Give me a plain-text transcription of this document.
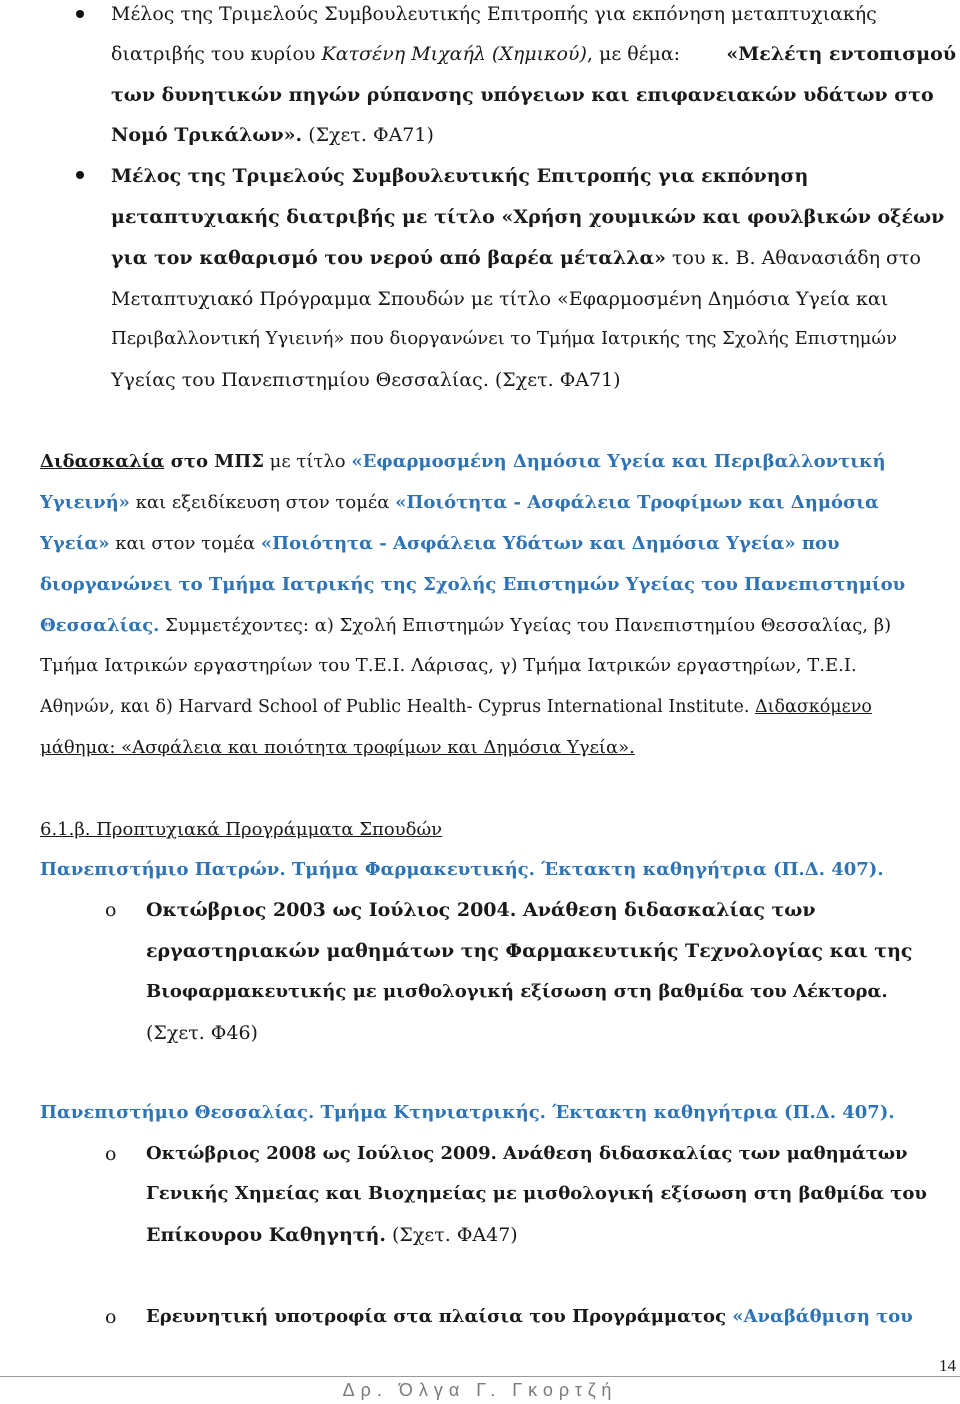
Μέλος της Τριμελούς Συμβουλευτικής Επιτροπής για εκπόνηση μεταπτυχιακής
διατριβής του κυρίου Κατσένη Μιχαήλ (Χημικού), με θέμα: «Μελέτη εντοπισμού
των δυνητικών πηγών ρύπανσης υπόγειων και επιφανειακών υδάτων στο
Νομό Τρικάλων». (Σχετ. ΦΑ71)
Μέλος της Τριμελούς Συμβουλευτικής Επιτροπής για εκπόνηση
μεταπτυχιακής διατριβής με τίτλο «Χρήση χουμικών και φουλβικών οξέων
για τον καθαρισμό του νερού από βαρέα μέταλλα» του κ. Β. Αθανασιάδη στο
Μεταπτυχιακό Πρόγραμμα Σπουδών με τίτλο «Εφαρμοσμένη Δημόσια Υγεία και
Περιβαλλοντική Υγιεινή» που διοργανώνει το Τμήμα Ιατρικής της Σχολής Επιστημών
Υγείας του Πανεπιστημίου Θεσσαλίας. (Σχετ. ΦΑ71)
Διδασκαλία στο ΜΠΣ με τίτλο «Εφαρμοσμένη Δημόσια Υγεία και Περιβαλλοντική
Υγιεινή» και εξειδίκευση στον τομέα «Ποιότητα - Ασφάλεια Τροφίμων και Δημόσια
Υγεία» και στον τομέα «Ποιότητα - Ασφάλεια Υδάτων και Δημόσια Υγεία» που
διοργανώνει το Τμήμα Ιατρικής της Σχολής Επιστημών Υγείας του Πανεπιστημίου
Θεσσαλίας. Συμμετέχοντες: α) Σχολή Επιστημών Υγείας του Πανεπιστημίου Θεσσαλίας, β)
Τμήμα Ιατρικών εργαστηρίων του Τ.Ε.Ι. Λάρισας, γ) Τμήμα Ιατρικών εργαστηρίων, Τ.Ε.Ι.
Αθηνών, και δ) Harvard School of Public Health- Cyprus International Institute. Διδασκόμενο
μάθημα: «Ασφάλεια και ποιότητα τροφίμων και Δημόσια Υγεία».
6.1.β. Προπτυχιακά Προγράμματα Σπουδών
Πανεπιστήμιο Πατρών. Τμήμα Φαρμακευτικής. Έκτακτη καθηγήτρια (Π.Δ. 407).
o Οκτώβριος 2003 ως Ιούλιος 2004. Ανάθεση διδασκαλίας των
εργαστηριακών μαθημάτων της Φαρμακευτικής Τεχνολογίας και της
Βιοφαρμακευτικής με μισθολογική εξίσωση στη βαθμίδα του Λέκτορα.
(Σχετ. Φ46)
Πανεπιστήμιο Θεσσαλίας. Τμήμα Κτηνιατρικής. Έκτακτη καθηγήτρια (Π.Δ. 407).
o Οκτώβριος 2008 ως Ιούλιος 2009. Ανάθεση διδασκαλίας των μαθημάτων
Γενικής Χημείας και Βιοχημείας με μισθολογική εξίσωση στη βαθμίδα του
Επίκουρου Καθηγητή. (Σχετ. ΦΑ47)
o Ερευνητική υποτροφία στα πλαίσια του Προγράμματος «Αναβάθμιση του
14
Δρ. Όλγα Γ. Γκορτζή
